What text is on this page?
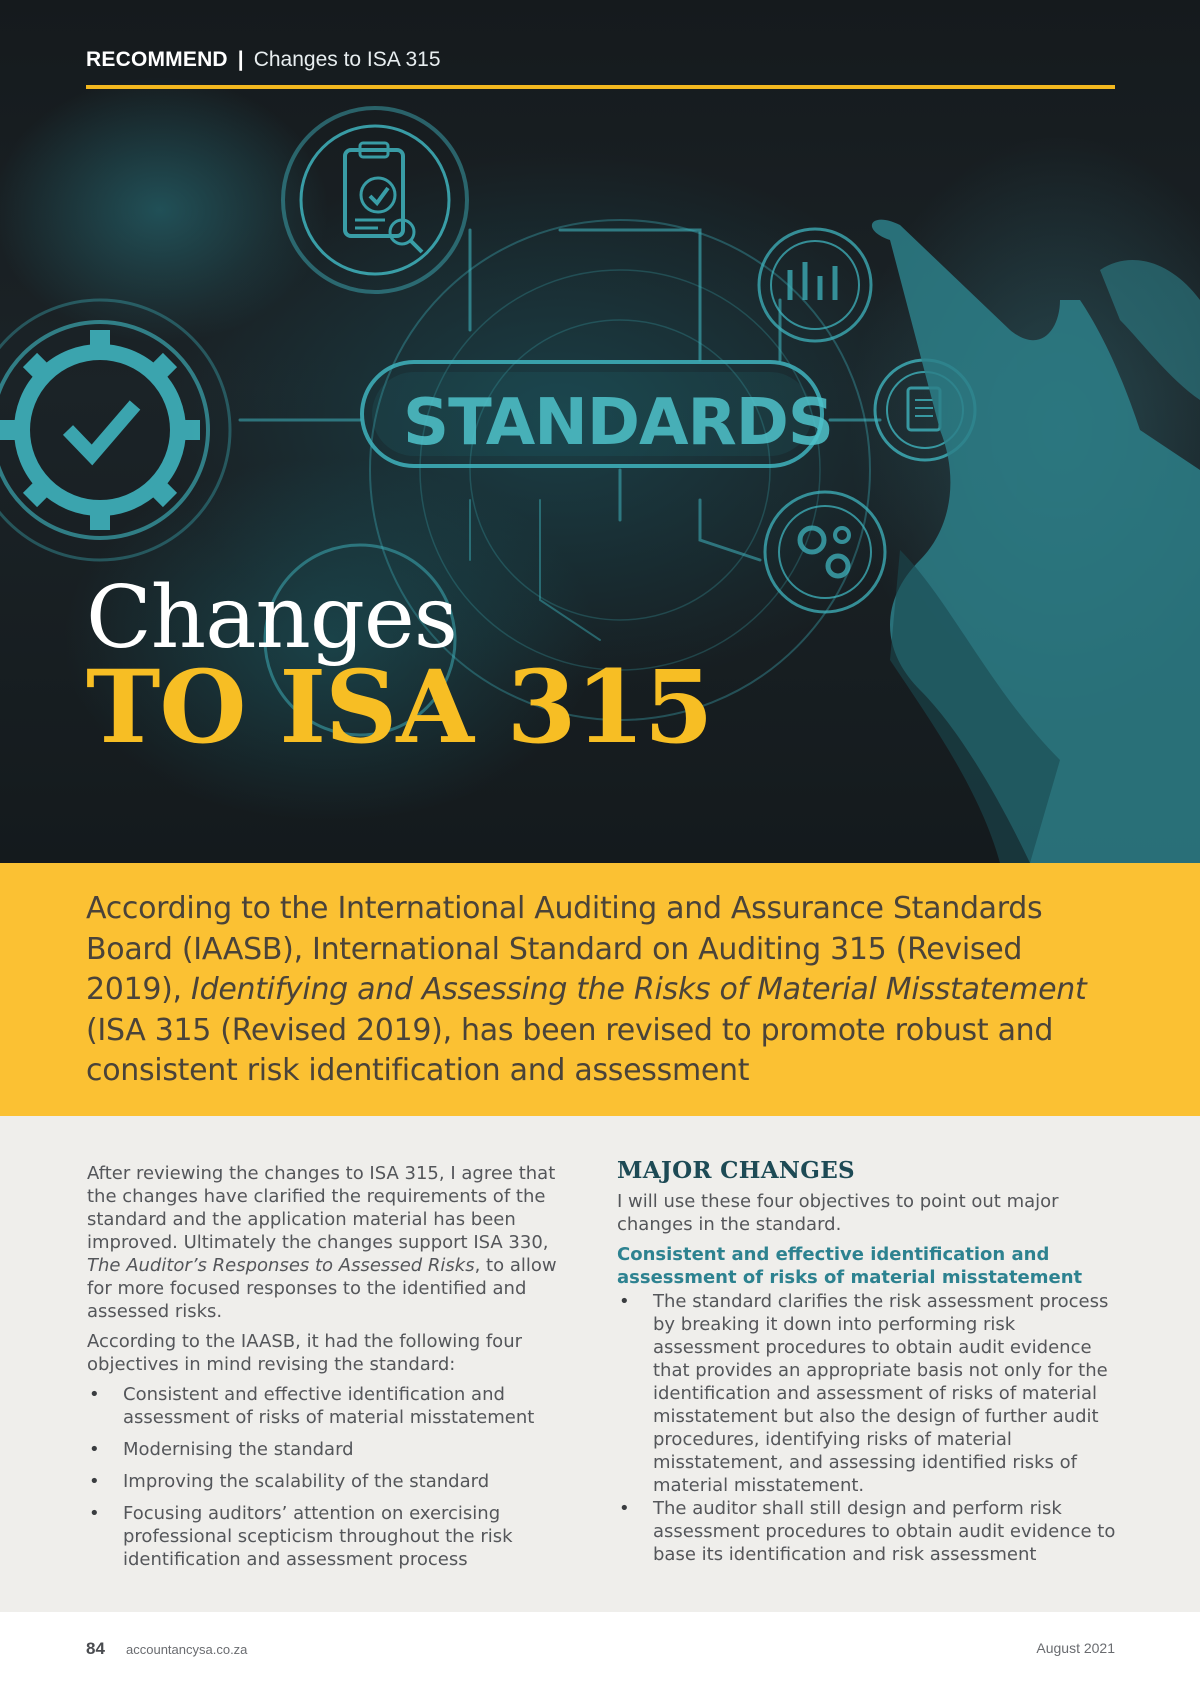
STANDARDS
RECOMMEND | Changes to ISA 315
Changes
TO ISA 315

According to the International Auditing and Assurance Standards Board (IAASB), International Standard on Auditing 315 (Revised 2019), Identifying and Assessing the Risks of Material Misstatement (ISA 315 (Revised 2019), has been revised to promote robust and consistent risk identification and assessment

After reviewing the changes to ISA 315, I agree that the changes have clarified the requirements of the standard and the application material has been improved. Ultimately the changes support ISA 330, The Auditor’s Responses to Assessed Risks, to allow for more focused responses to the identified and assessed risks.

According to the IAASB, it had the following four objectives in mind revising the standard:

• Consistent and effective identification and assessment of risks of material misstatement
• Modernising the standard
• Improving the scalability of the standard
• Focusing auditors’ attention on exercising professional scepticism throughout the risk identification and assessment process
MAJOR CHANGES

I will use these four objectives to point out major changes in the standard.

Consistent and effective identification and assessment of risks of material misstatement
• The standard clarifies the risk assessment process by breaking it down into performing risk assessment procedures to obtain audit evidence that provides an appropriate basis not only for the identification and assessment of risks of material misstatement but also the design of further audit procedures, identifying risks of material misstatement, and assessing identified risks of material misstatement.
• The auditor shall still design and perform risk assessment procedures to obtain audit evidence to base its identification and risk assessment
84 accountancysa.co.za	August 2021
